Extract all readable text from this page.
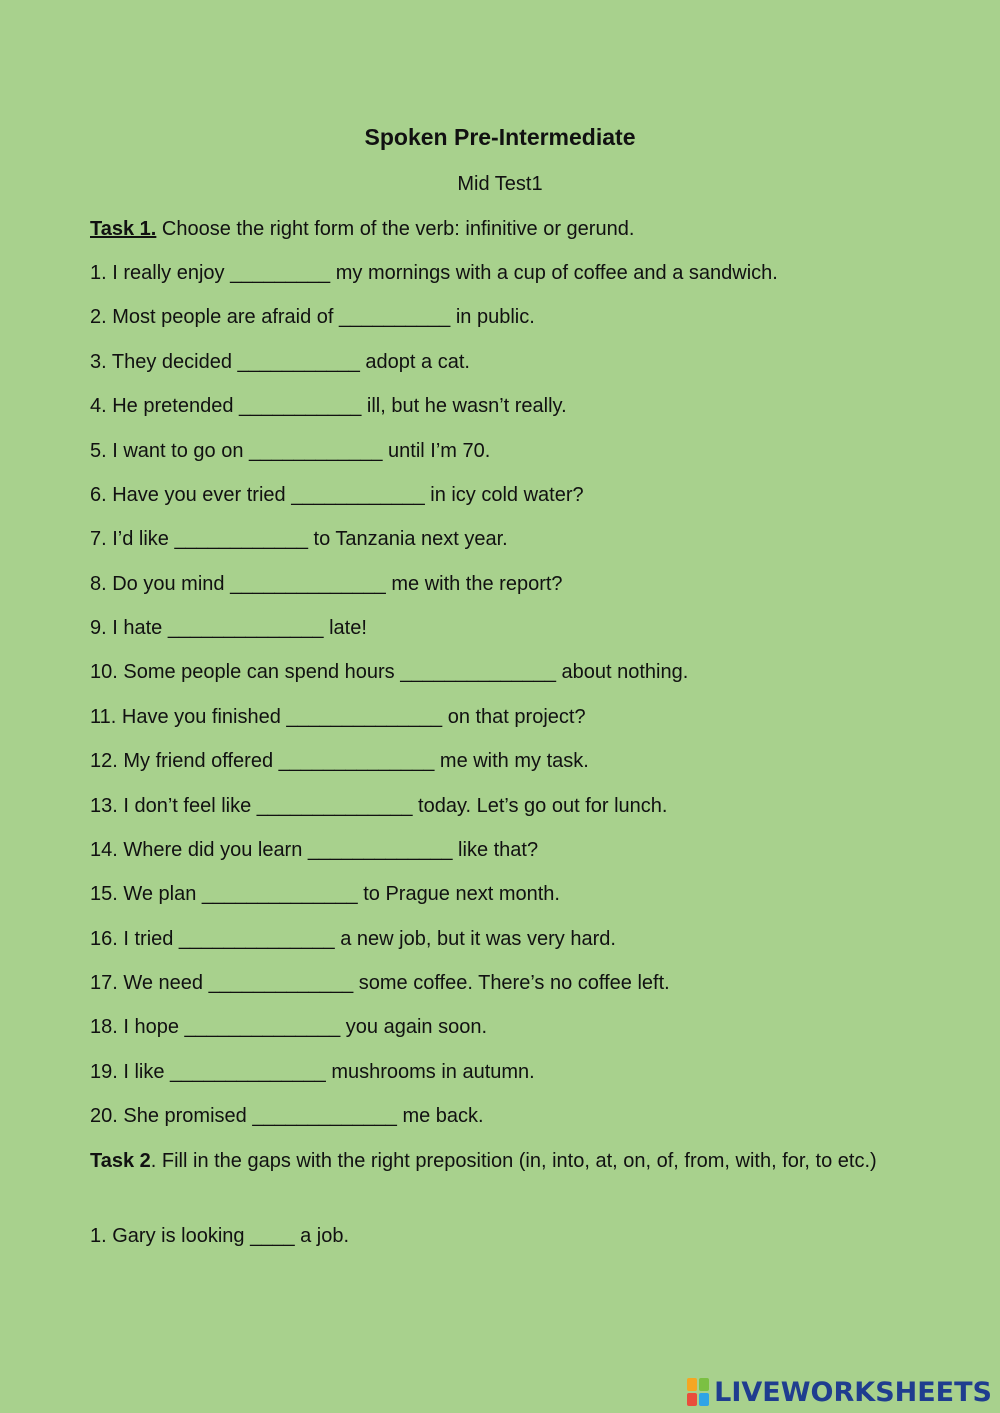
Spoken Pre-Intermediate
Mid Test1
Task 1. Choose the right form of the verb: infinitive or gerund.
1. I really enjoy _________ my mornings with a cup of coffee and a sandwich.
2. Most people are afraid of __________ in public.
3. They decided ___________ adopt a cat.
4. He pretended ___________ ill, but he wasn’t really.
5. I want to go on ____________ until I’m 70.
6. Have you ever tried ____________ in icy cold water?
7. I’d like ____________ to Tanzania next year.
8. Do you mind ______________ me with the report?
9. I hate ______________ late!
10. Some people can spend hours ______________ about nothing.
11. Have you finished ______________ on that project?
12. My friend offered ______________ me with my task.
13. I don’t feel like ______________ today. Let’s go out for lunch.
14. Where did you learn _____________ like that?
15. We plan ______________ to Prague next month.
16. I tried ______________ a new job, but it was very hard.
17. We need _____________ some coffee. There’s no coffee left.
18. I hope ______________ you again soon.
19. I like ______________ mushrooms in autumn.
20. She promised _____________ me back.
Task 2. Fill in the gaps with the right preposition (in, into, at, on, of, from, with, for, to etc.)
1. Gary is looking ____ a job.
LIVEWORKSHEETS
